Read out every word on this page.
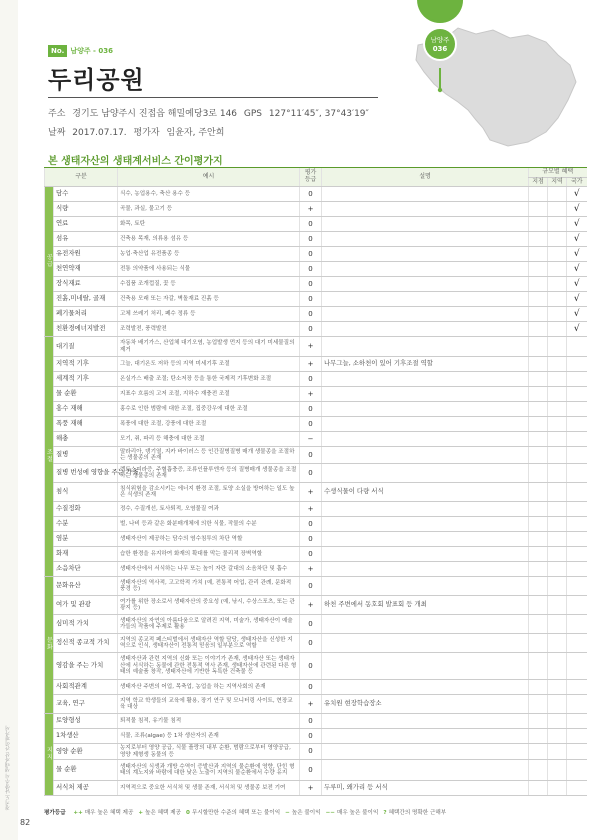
경기도 남양주시 생태자산 간이평가서
82
No. 남양주 - 036
두리공원
주소 경기도 남양주시 진접읍 해밀예당3로 146 GPS 127°11′45″, 37°43′19″
날짜 2017.07.17. 평가자 임윤자, 주안희
남양주
036
본 생태자산의 생태계서비스 간이평가지
구분		예시	평가 등급	설명	규모별 혜택		
					지점	지역	국가
공급	담수	식수, 농업용수, 축산 용수 등	0				√
	식량	곡물, 과실, 물고기 등	+				√
	연료	화목, 토탄	0				√
	섬유	건축용 목재, 의류용 섬유 등	0				√
	유전자원	농업·축산업 유전품종 등	0				√
	천연약재	전통 의약품에 사용되는 식물	0				√
	장식재료	수집품 조개껍질, 꽃 등	0				√
	진흙,미네랄, 골재	건축용 모래 또는 자갈, 벽돌재료 진흙 등	0				√
	폐기물처리	고체 쓰레기 처리, 폐수 정류 등	0				√
	친환경에너지발전	조력발전, 풍력발전	0				√
조절	대기질	자동차 배기가스, 산업체 대기오염, 농업발생 먼지 등의 대기 미세물질의 제거	+				
	지역적 기후	그늘, 대기온도 저하 등의 지역 미세기후 조절	+	나무그늘, 소하천이 있어 기후조절 역할			
	세계적 기후	온실가스 배출 조절; 탄소저장 등을 통한 국제적 기후변화 조절	0				
	물 순환	지표수 흐름의 고저 조절, 지하수 재충전 조절	+				
	홍수 재해	홍수로 인한 범람에 대한 조절, 집중강우에 대한 조절	0				
	폭풍 재해	폭풍에 대한 조절, 강풍에 대한 조절	0				
	해충	모기, 쥐, 파리 등 해충에 대한 조절	−				
	질병	말라리아, 댕기열, 지카 바이러스 등 인간질병질병 매개 생물종을 조절하는 생물종의 존재	0				
	질병 번성에 영향을 주는 가축	렙토스피라증, 주혈흡충증, 조류인플루엔자 등의 질병매개 생물종을 조절하는 생물종의 존재	0				
	침식	침식위험을 감소시키는 에너지 환경 조절, 토양 소실을 방어하는 일도 높은 식생의 존재	+	수생식물이 다량 서식			
	수질정화	정수, 수질개선, 토사퇴적, 오염물질 여과	+				
	수분	벌, 나비 등과 같은 화분매개체에 의한 식물, 작물의 수분	0				
	염분	생태자산이 제공하는 담수의 염수침투의 차단 역할	0				
	화재	습한 환경을 유지하여 화재의 확대를 막는 물리적 장벽역할	0				
	소음차단	생태자산에서 서식하는 나무 또는 높이 자란 갈대의 소음차단 및 흡수	+				
문화	문화유산	생태자산의 역사적, 고고학적 가치 (예, 전통적 어업, 관리 관례, 문화적 풍경 등)	0				
	여가 및 관광	여가를 위한 장소로서 생태자산의 중요성 (예, 낚시, 수상스포츠, 또는 관광지 등)	+	하천 주변에서 동호회 발표회 등 개최			
	심미적 가치	생태자산의 자연의 아름다움으로 알려진 지역, 미술가, 생태자산이 예술가들의 작품에 주제로 활용	0				
	정신적 종교적 가치	지역의 종교적 페스티벌에서 생태자산 역할 담당, 생태자산을 신성한 지역으로 인식, 생태자산이 전통적 믿음의 일부분으로 역할	0				
	영감을 주는 가치	생태자산과 관련 지역의 신화 또는 이야기가 존재, 생태자산 또는 생태자산에 서식하는 동물에 관한 전통적 역사 존재, 생태자산에 관련된 다른 형태의 예술품 창작, 생태자산에 기반한 독특한 건축물 등	0				
	사회적관계	생태자산 주변의 어업, 목축업, 농업을 하는 지역사회의 존재	0				
	교육, 연구	지역 학교 학생들의 교육에 활용, 장기 연구 및 모니터링 사이트, 현장교육 대상	+	유치원 현장학습장소			
지지	토양형성	퇴적물 침적, 유기물 침적	0				
	1차생산	식물, 조류(algae) 등 1차 생산자의 존재	0				
	영양 순환	농지로부터 영양 공급, 식물 플랑의 내부 순환, 범람으로부터 영양공급, 영양 제형생 동물의 등	0				
	물 순환	생태자산의 식생과 개방 수역이 증발산과 지역의 물순환에 영향, 단힌 형태의 계노지와 바람에 대한 낮은 노출이 지역의 물순환에서 수량 유지	0				
	서식처 제공	지역적으로 중요한 서식처 및 생물 존재, 서식처 및 생물종 보전 기여	+	두루미, 왜가리 등 서식			
평가등급 ++ 매우 높은 혜택 제공 + 높은 혜택 제공 0 무시할만한 수준의 혜택 또는 불이익 − 높은 불이익 −− 매우 높은 불이익 ? 혜택간의 명확한 근해부
